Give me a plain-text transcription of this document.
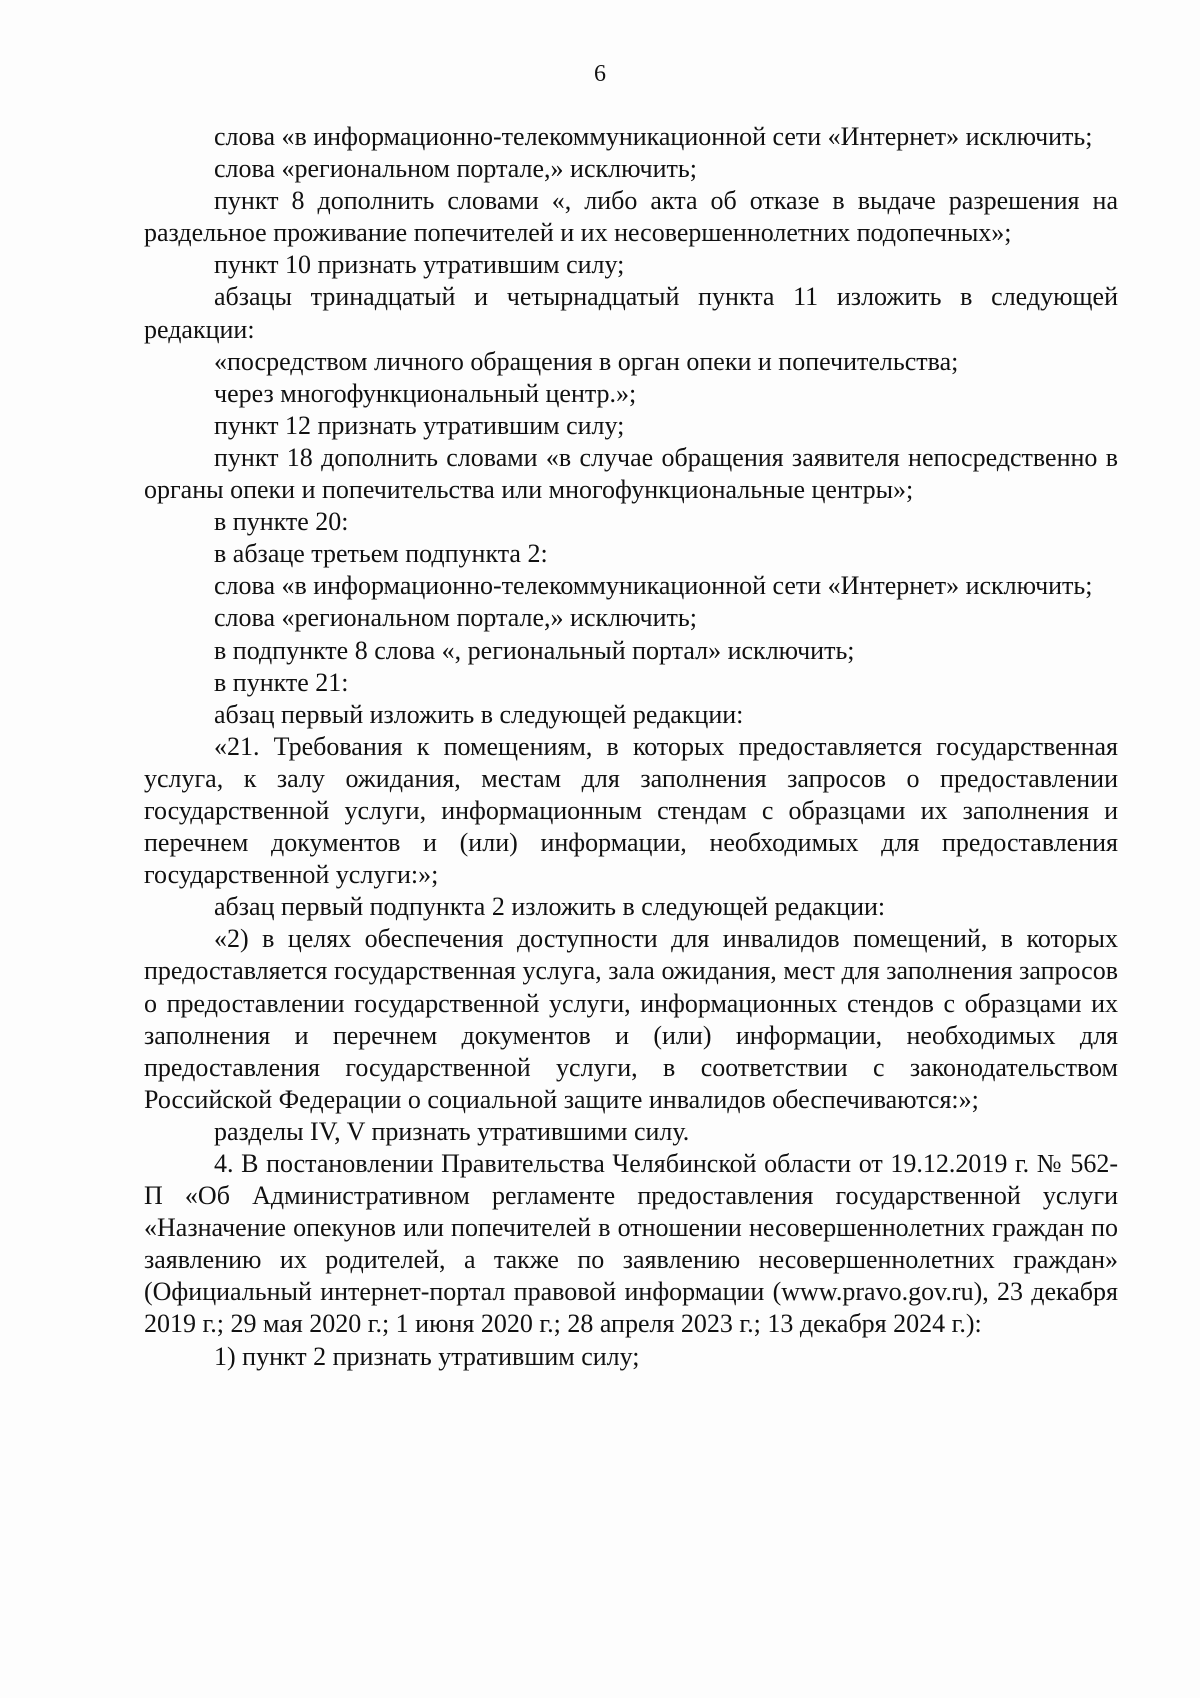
6

слова «в информационно-телекоммуникационной сети «Интернет» исключить;

слова «региональном портале,» исключить;

пункт 8 дополнить словами «, либо акта об отказе в выдаче разрешения на раздельное проживание попечителей и их несовершеннолетних подопечных»;

пункт 10 признать утратившим силу;

абзацы тринадцатый и четырнадцатый пункта 11 изложить в следующей редакции:

«посредством личного обращения в орган опеки и попечительства;

через многофункциональный центр.»;

пункт 12 признать утратившим силу;

пункт 18 дополнить словами «в случае обращения заявителя непосредственно в органы опеки и попечительства или многофункциональные центры»;

в пункте 20:

в абзаце третьем подпункта 2:

слова «в информационно-телекоммуникационной сети «Интернет» исключить;

слова «региональном портале,» исключить;

в подпункте 8 слова «, региональный портал» исключить;

в пункте 21:

абзац первый изложить в следующей редакции:

«21. Требования к помещениям, в которых предоставляется государственная услуга, к залу ожидания, местам для заполнения запросов о предоставлении государственной услуги, информационным стендам с образцами их заполнения и перечнем документов и (или) информации, необходимых для предоставления государственной услуги:»;

абзац первый подпункта 2 изложить в следующей редакции:

«2) в целях обеспечения доступности для инвалидов помещений, в которых предоставляется государственная услуга, зала ожидания, мест для заполнения запросов о предоставлении государственной услуги, информационных стендов с образцами их заполнения и перечнем документов и (или) информации, необходимых для предоставления государственной услуги, в соответствии с законодательством Российской Федерации о социальной защите инвалидов обеспечиваются:»;

разделы IV, V признать утратившими силу.

4. В постановлении Правительства Челябинской области от 19.12.2019 г. № 562-П «Об Административном регламенте предоставления государственной услуги «Назначение опекунов или попечителей в отношении несовершеннолетних граждан по заявлению их родителей, а также по заявлению несовершеннолетних граждан» (Официальный интернет-портал правовой информации (www.pravo.gov.ru), 23 декабря 2019 г.; 29 мая 2020 г.; 1 июня 2020 г.; 28 апреля 2023 г.; 13 декабря 2024 г.):

1) пункт 2 признать утратившим силу;
